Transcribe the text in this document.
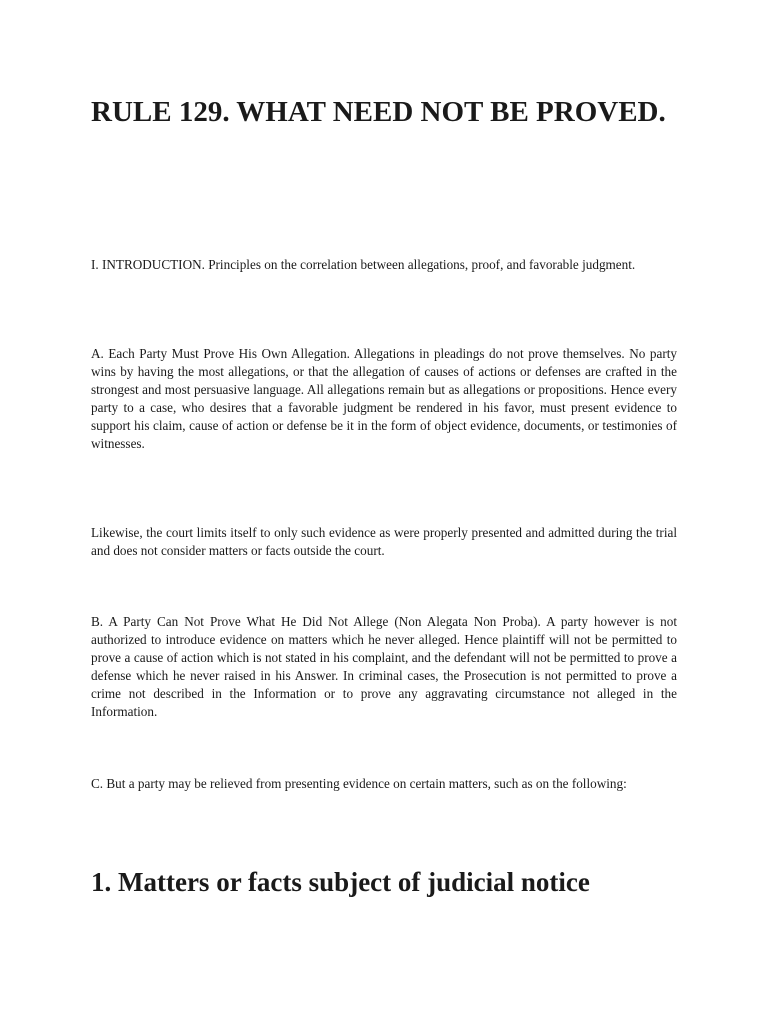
RULE 129. WHAT NEED NOT BE PROVED.

I. INTRODUCTION. Principles on the correlation between allegations, proof, and favorable judgment.

A. Each Party Must Prove His Own Allegation. Allegations in pleadings do not prove themselves. No party wins by having the most allegations, or that the allegation of causes of actions or defenses are crafted in the strongest and most persuasive language. All allegations remain but as allegations or propositions. Hence every party to a case, who desires that a favorable judgment be rendered in his favor, must present evidence to support his claim, cause of action or defense be it in the form of object evidence, documents, or testimonies of witnesses.

Likewise, the court limits itself to only such evidence as were properly presented and admitted during the trial and does not consider matters or facts outside the court.

B. A Party Can Not Prove What He Did Not Allege (Non Alegata Non Proba). A party however is not authorized to introduce evidence on matters which he never alleged. Hence plaintiff will not be permitted to prove a cause of action which is not stated in his complaint, and the defendant will not be permitted to prove a defense which he never raised in his Answer. In criminal cases, the Prosecution is not permitted to prove a crime not described in the Information or to prove any aggravating circumstance not alleged in the Information.

C. But a party may be relieved from presenting evidence on certain matters, such as on the following:

1. Matters or facts subject of judicial notice
